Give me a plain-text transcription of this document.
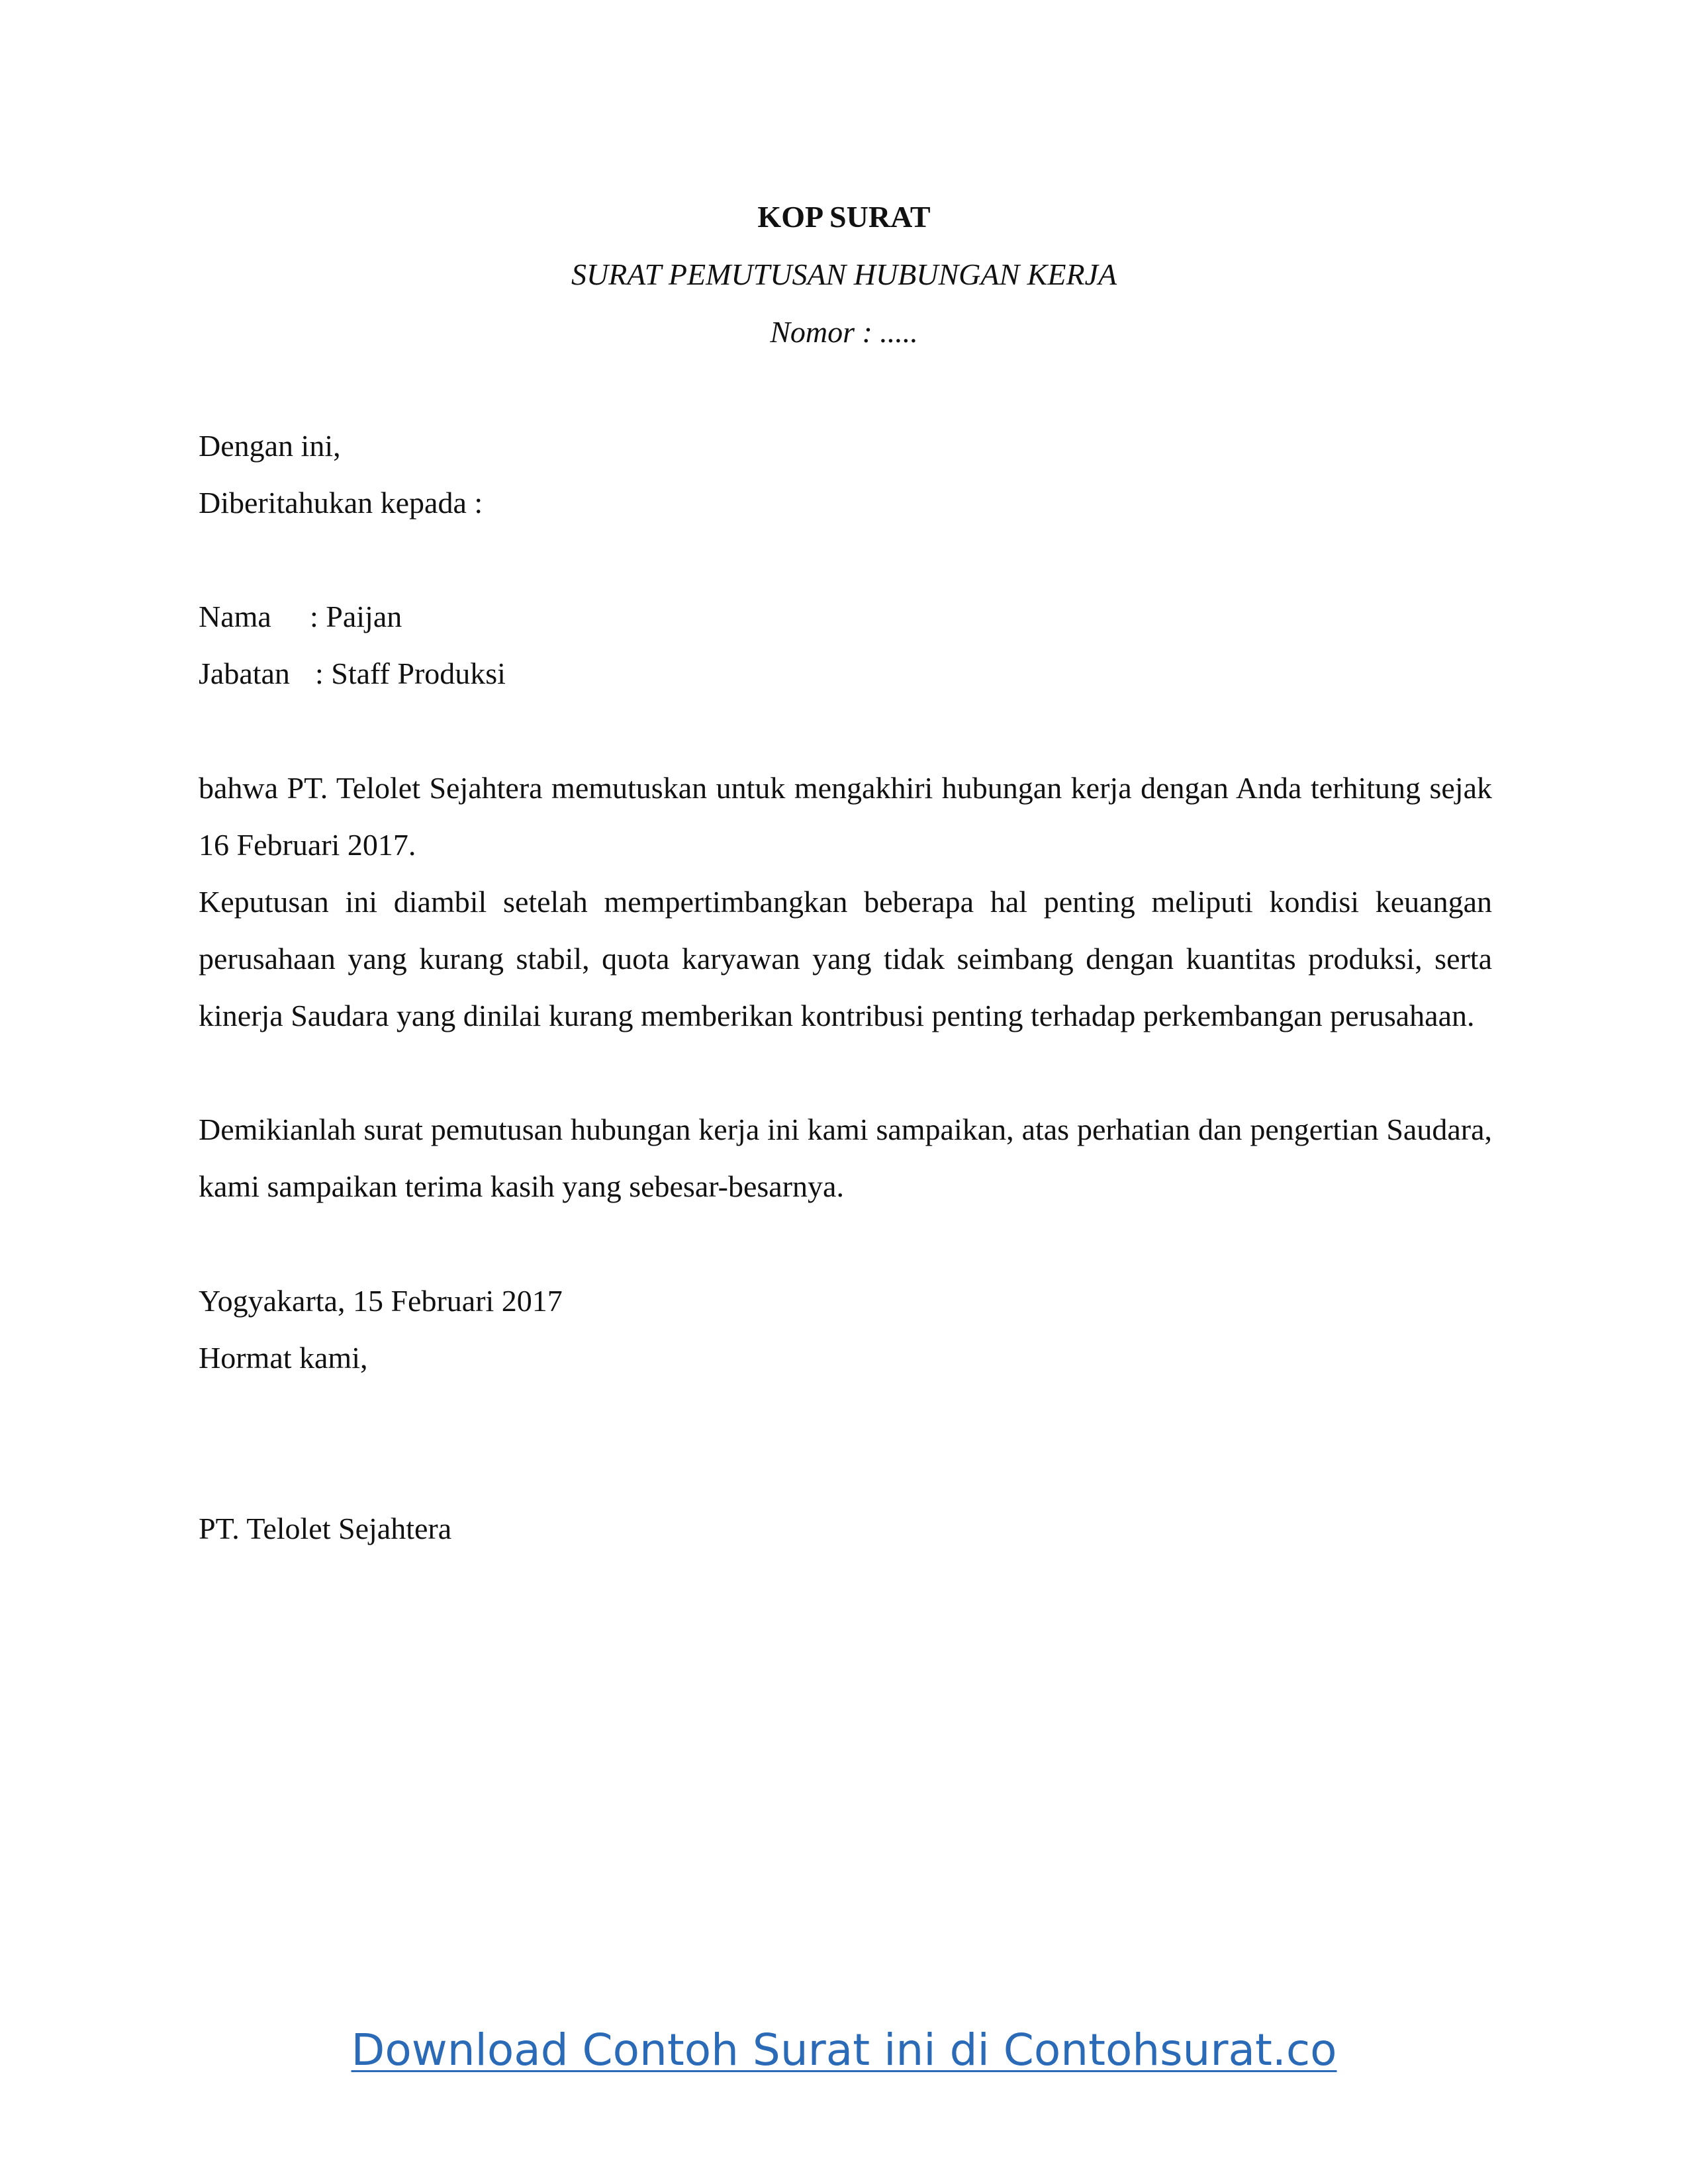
KOP SURAT
SURAT PEMUTUSAN HUBUNGAN KERJA
Nomor : .....
Dengan ini,
Diberitahukan kepada :
Nama : Paijan
Jabatan : Staff Produksi

bahwa PT. Telolet Sejahtera memutuskan untuk mengakhiri hubungan kerja dengan Anda terhitung sejak 16 Februari 2017.

Keputusan ini diambil setelah mempertimbangkan beberapa hal penting meliputi kondisi keuangan perusahaan yang kurang stabil, quota karyawan yang tidak seimbang dengan kuantitas produksi, serta kinerja Saudara yang dinilai kurang memberikan kontribusi penting terhadap perkembangan perusahaan.

Demikianlah surat pemutusan hubungan kerja ini kami sampaikan, atas perhatian dan pengertian Saudara, kami sampaikan terima kasih yang sebesar-besarnya.

Yogyakarta, 15 Februari 2017
Hormat kami,
PT. Telolet Sejahtera
Download Contoh Surat ini di Contohsurat.co
